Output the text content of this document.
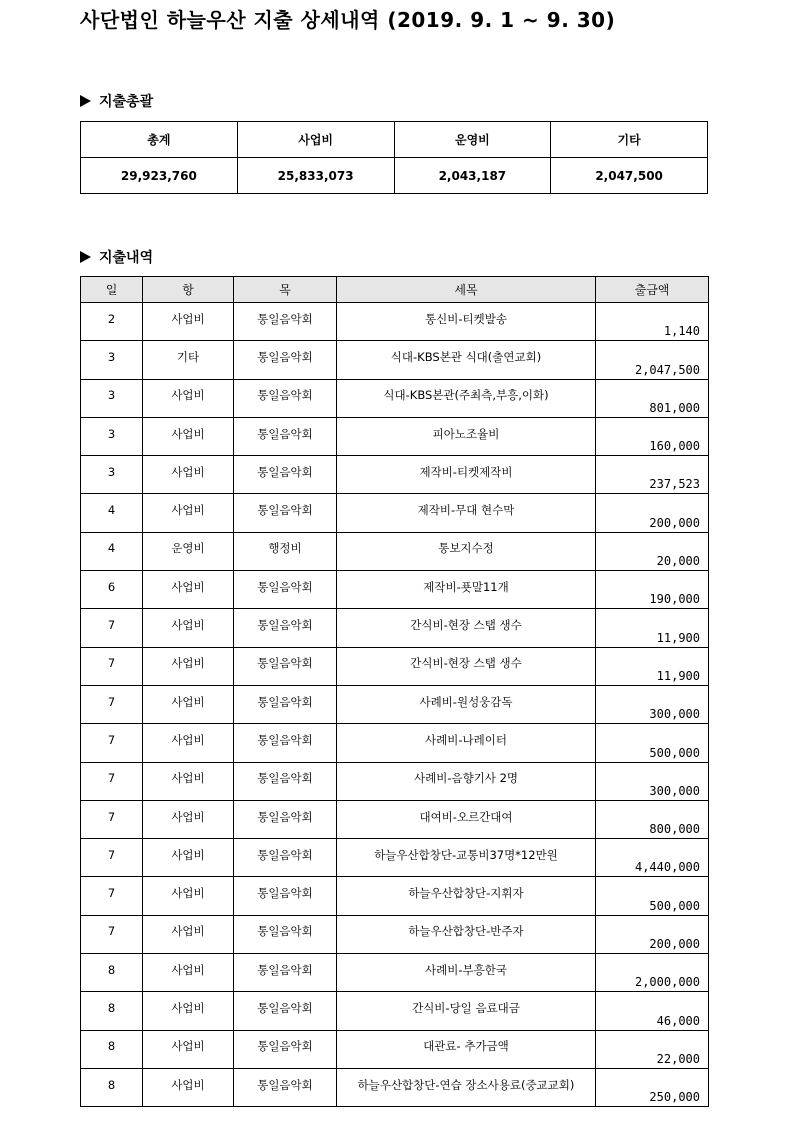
사단법인 하늘우산 지출 상세내역 (2019. 9. 1 ~ 9. 30)
지출총괄
총계	사업비	운영비	기타
29,923,760	25,833,073	2,043,187	2,047,500
지출내역
일	항	목	세목	출금액
2	사업비	통일음악회	통신비-티켓발송	1,140
3	기타	통일음악회	식대-KBS본관 식대(출연교회)	2,047,500
3	사업비	통일음악회	식대-KBS본관(주최측,부흥,이화)	801,000
3	사업비	통일음악회	피아노조율비	160,000
3	사업비	통일음악회	제작비-티켓제작비	237,523
4	사업비	통일음악회	제작비-무대 현수막	200,000
4	운영비	행정비	통보지수정	20,000
6	사업비	통일음악회	제작비-푯말11개	190,000
7	사업비	통일음악회	간식비-현장 스탭 생수	11,900
7	사업비	통일음악회	간식비-현장 스탭 생수	11,900
7	사업비	통일음악회	사례비-원성웅감독	300,000
7	사업비	통일음악회	사례비-나레이터	500,000
7	사업비	통일음악회	사례비-음향기사 2명	300,000
7	사업비	통일음악회	대여비-오르간대여	800,000
7	사업비	통일음악회	하늘우산합창단-교통비37명*12만원	4,440,000
7	사업비	통일음악회	하늘우산합창단-지휘자	500,000
7	사업비	통일음악회	하늘우산합창단-반주자	200,000
8	사업비	통일음악회	사례비-부흥한국	2,000,000
8	사업비	통일음악회	간식비-당일 음료대금	46,000
8	사업비	통일음악회	대관료- 추가금액	22,000
8	사업비	통일음악회	하늘우산합창단-연습 장소사용료(중교교회)	250,000
